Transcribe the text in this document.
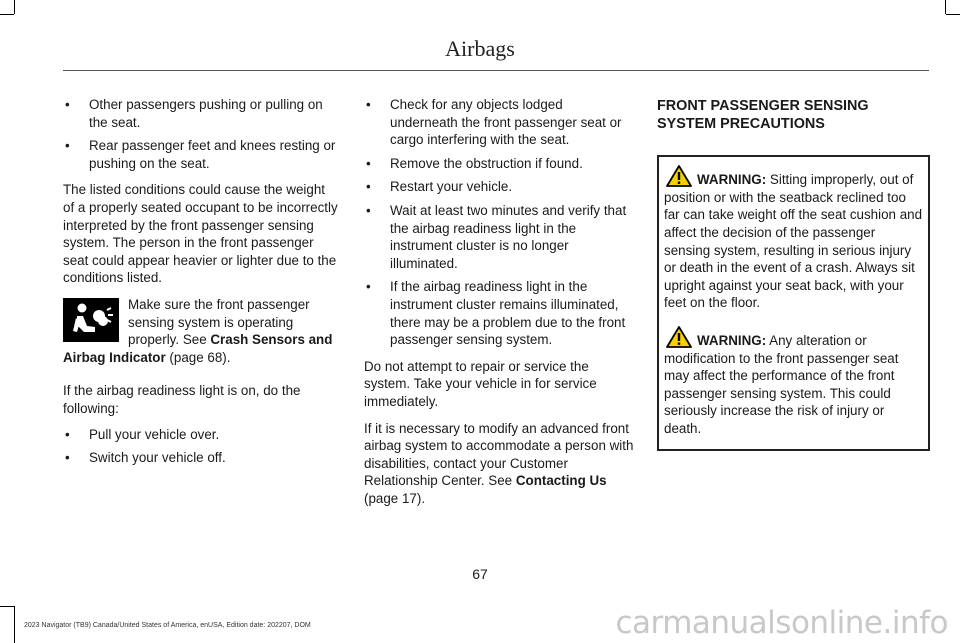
Airbags
• Other passengers pushing or pulling on the seat.
• Rear passenger feet and knees resting or pushing on the seat.

The listed conditions could cause the weight of a properly seated occupant to be incorrectly interpreted by the front passenger sensing system. The person in the front passenger seat could appear heavier or lighter due to the conditions listed.

Make sure the front passenger sensing system is operating properly. See Crash Sensors and Airbag Indicator (page 68).

If the airbag readiness light is on, do the following:

• Pull your vehicle over.
• Switch your vehicle off.
• Check for any objects lodged underneath the front passenger seat or cargo interfering with the seat.
• Remove the obstruction if found.
• Restart your vehicle.
• Wait at least two minutes and verify that the airbag readiness light in the instrument cluster is no longer illuminated.
• If the airbag readiness light in the instrument cluster remains illuminated, there may be a problem due to the front passenger sensing system.

Do not attempt to repair or service the system. Take your vehicle in for service immediately.

If it is necessary to modify an advanced front airbag system to accommodate a person with disabilities, contact your Customer Relationship Center. See Contacting Us (page 17).

FRONT PASSENGER SENSING SYSTEM PRECAUTIONS

WARNING: Sitting improperly, out of position or with the seatback reclined too far can take weight off the seat cushion and affect the decision of the passenger sensing system, resulting in serious injury or death in the event of a crash. Always sit upright against your seat back, with your feet on the floor.

WARNING: Any alteration or modification to the front passenger seat may affect the performance of the front passenger sensing system. This could seriously increase the risk of injury or death.

67
2023 Navigator (TB9) Canada/United States of America, enUSA, Edition date: 202207, DOM	carmanualsonline.info
